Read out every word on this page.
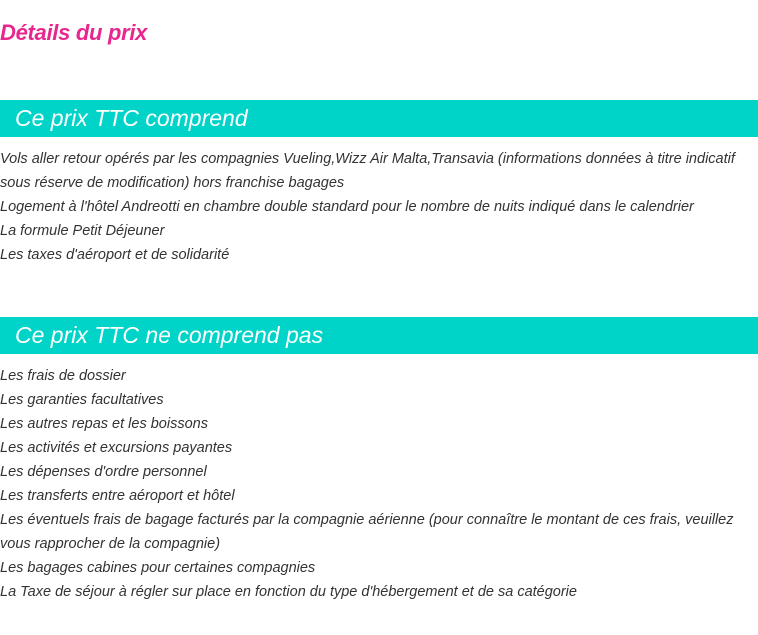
Détails du prix
Ce prix TTC comprend
Vols aller retour opérés par les compagnies Vueling,Wizz Air Malta,Transavia (informations données à titre indicatif sous réserve de modification) hors franchise bagages
Logement à l'hôtel Andreotti en chambre double standard pour le nombre de nuits indiqué dans le calendrier
La formule Petit Déjeuner
Les taxes d'aéroport et de solidarité
Ce prix TTC ne comprend pas
Les frais de dossier
Les garanties facultatives
Les autres repas et les boissons
Les activités et excursions payantes
Les dépenses d'ordre personnel
Les transferts entre aéroport et hôtel
Les éventuels frais de bagage facturés par la compagnie aérienne (pour connaître le montant de ces frais, veuillez vous rapprocher de la compagnie)
Les bagages cabines pour certaines compagnies
La Taxe de séjour à régler sur place en fonction du type d'hébergement et de sa catégorie
